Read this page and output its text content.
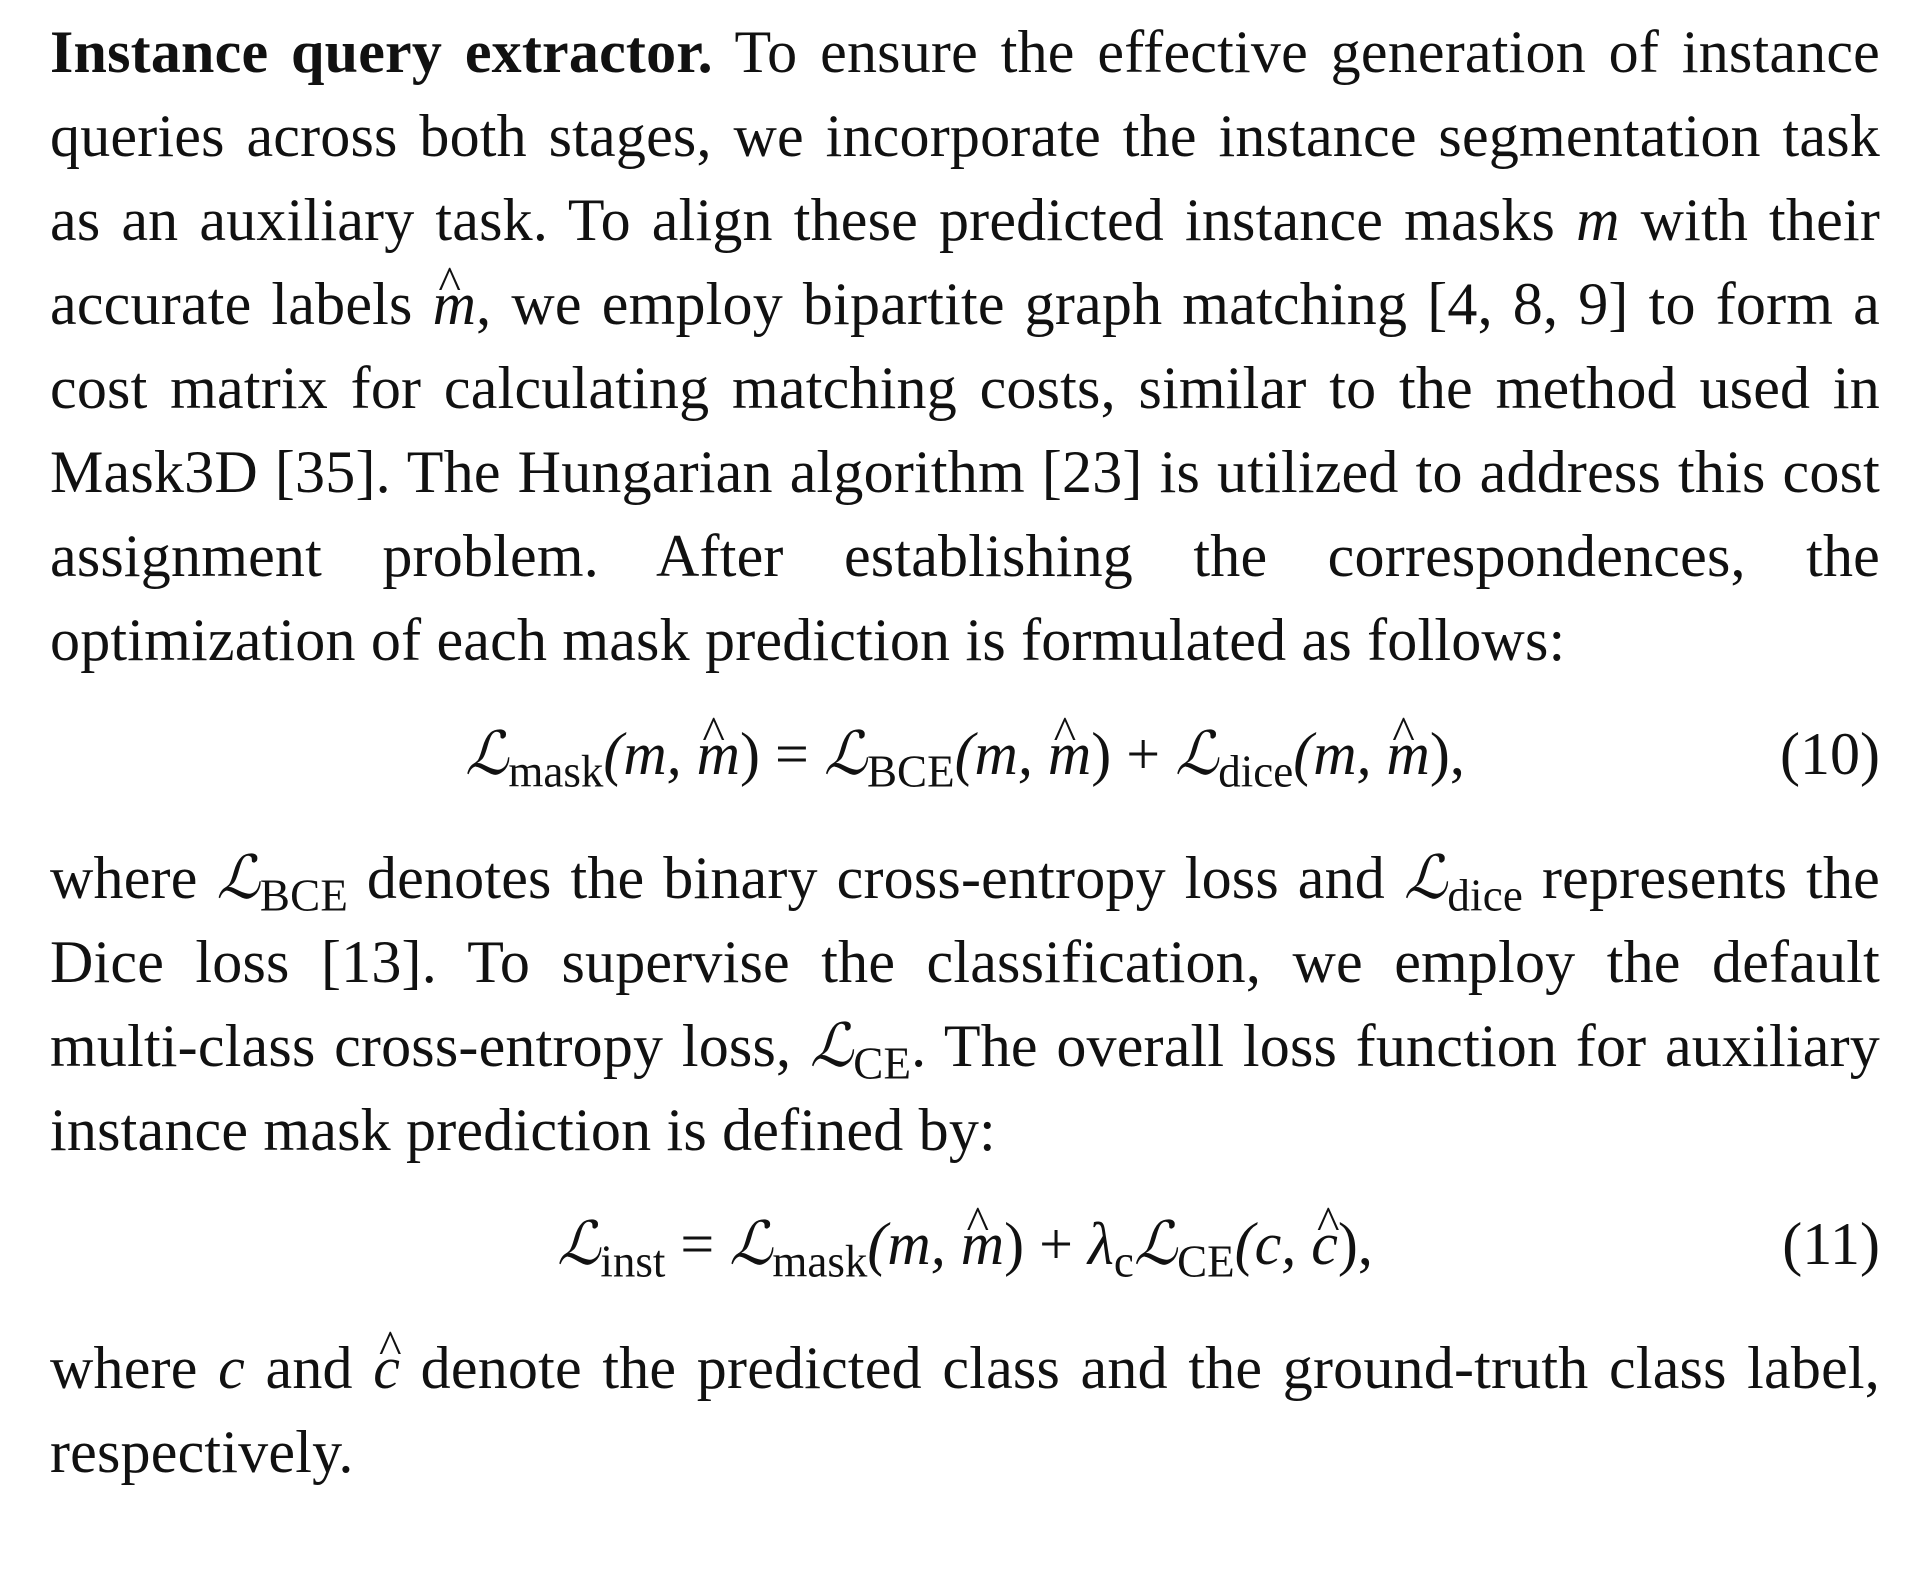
Instance query extractor. To ensure the effective generation of instance queries across both stages, we incorporate the instance segmentation task as an auxiliary task. To align these predicted instance masks m with their accurate labels m ^, we employ bipartite graph matching [4, 8, 9] to form a cost matrix for calculating matching costs, similar to the method used in Mask3D [35]. The Hungarian algorithm [23] is utilized to address this cost assignment problem. After establishing the correspondences, the optimization of each mask prediction is formulated as follows:

ℒ$_{mask}$(m, m ^) = ℒ$_{BCE}$(m, m ^) + ℒ$_{dice}$(m, m ^),	(10)

where ℒ$_{BCE}$ denotes the binary cross-entropy loss and ℒ$_{dice}$ represents the Dice loss [13]. To supervise the classification, we employ the default multi-class cross-entropy loss, ℒ$_{CE}$. The overall loss function for auxiliary instance mask prediction is defined by:

ℒ$_{inst}$ = ℒ$_{mask}$(m, m ^) + $\lambda_cℒ_{CE}(c$, c ^),	(11)

where c and c ^ denote the predicted class and the ground-truth class label, respectively.
